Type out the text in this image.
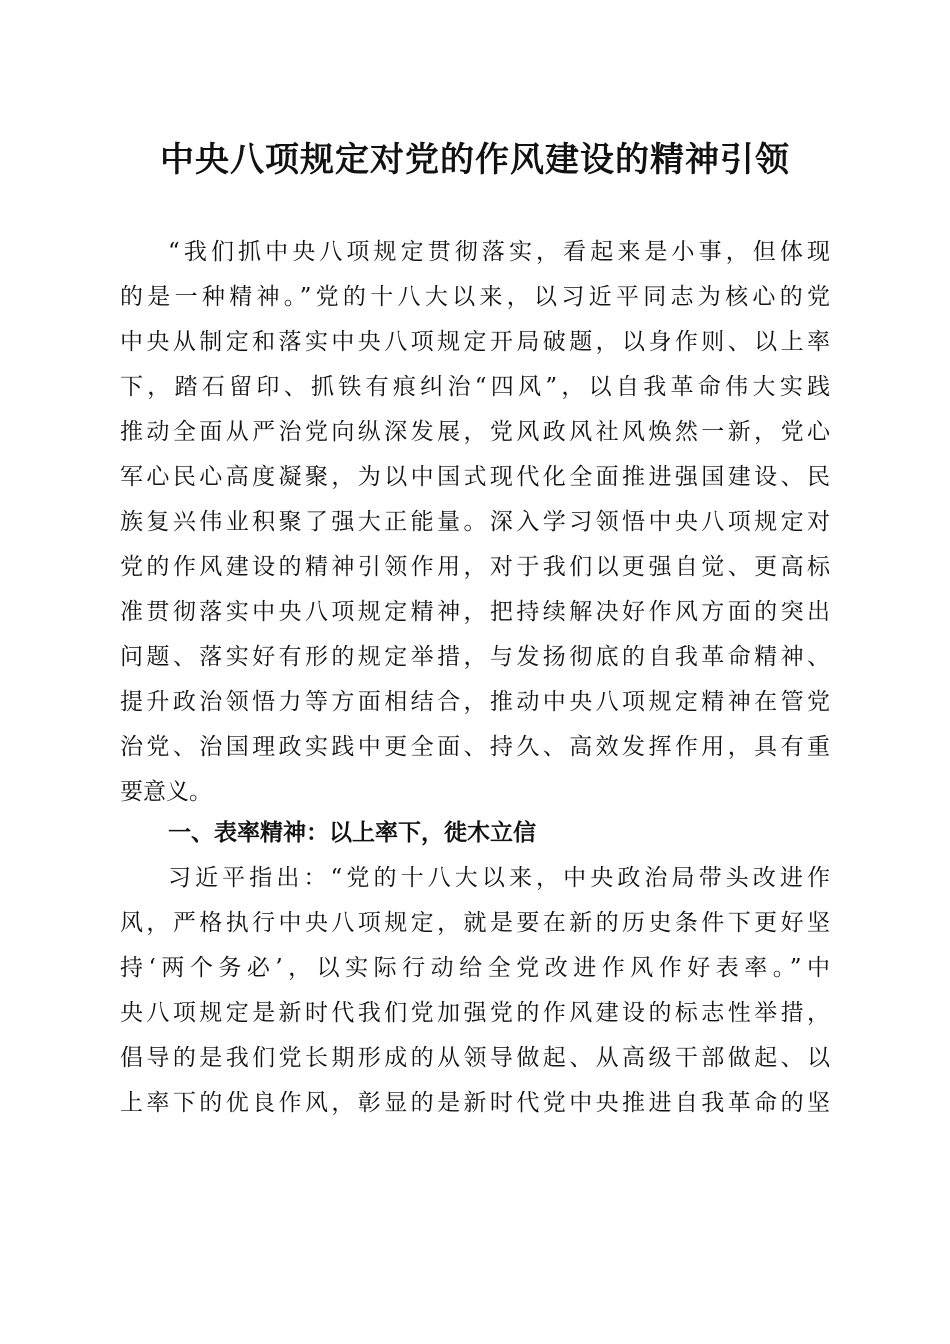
中央八项规定对党的作风建设的精神引领
“我们抓中央八项规定贯彻落实，看起来是小事，但体现
的是一种精神。”党的十八大以来，以习近平同志为核心的党
中央从制定和落实中央八项规定开局破题，以身作则、以上率
下，踏石留印、抓铁有痕纠治“四风”，以自我革命伟大实践
推动全面从严治党向纵深发展，党风政风社风焕然一新，党心
军心民心高度凝聚，为以中国式现代化全面推进强国建设、民
族复兴伟业积聚了强大正能量。深入学习领悟中央八项规定对
党的作风建设的精神引领作用，对于我们以更强自觉、更高标
准贯彻落实中央八项规定精神，把持续解决好作风方面的突出
问题、落实好有形的规定举措，与发扬彻底的自我革命精神、
提升政治领悟力等方面相结合，推动中央八项规定精神在管党
治党、治国理政实践中更全面、持久、高效发挥作用，具有重
要意义。
一、表率精神：以上率下，徙木立信
习近平指出：“党的十八大以来，中央政治局带头改进作
风，严格执行中央八项规定，就是要在新的历史条件下更好坚
持‘两个务必’，以实际行动给全党改进作风作好表率。”中
央八项规定是新时代我们党加强党的作风建设的标志性举措，
倡导的是我们党长期形成的从领导做起、从高级干部做起、以
上率下的优良作风，彰显的是新时代党中央推进自我革命的坚
